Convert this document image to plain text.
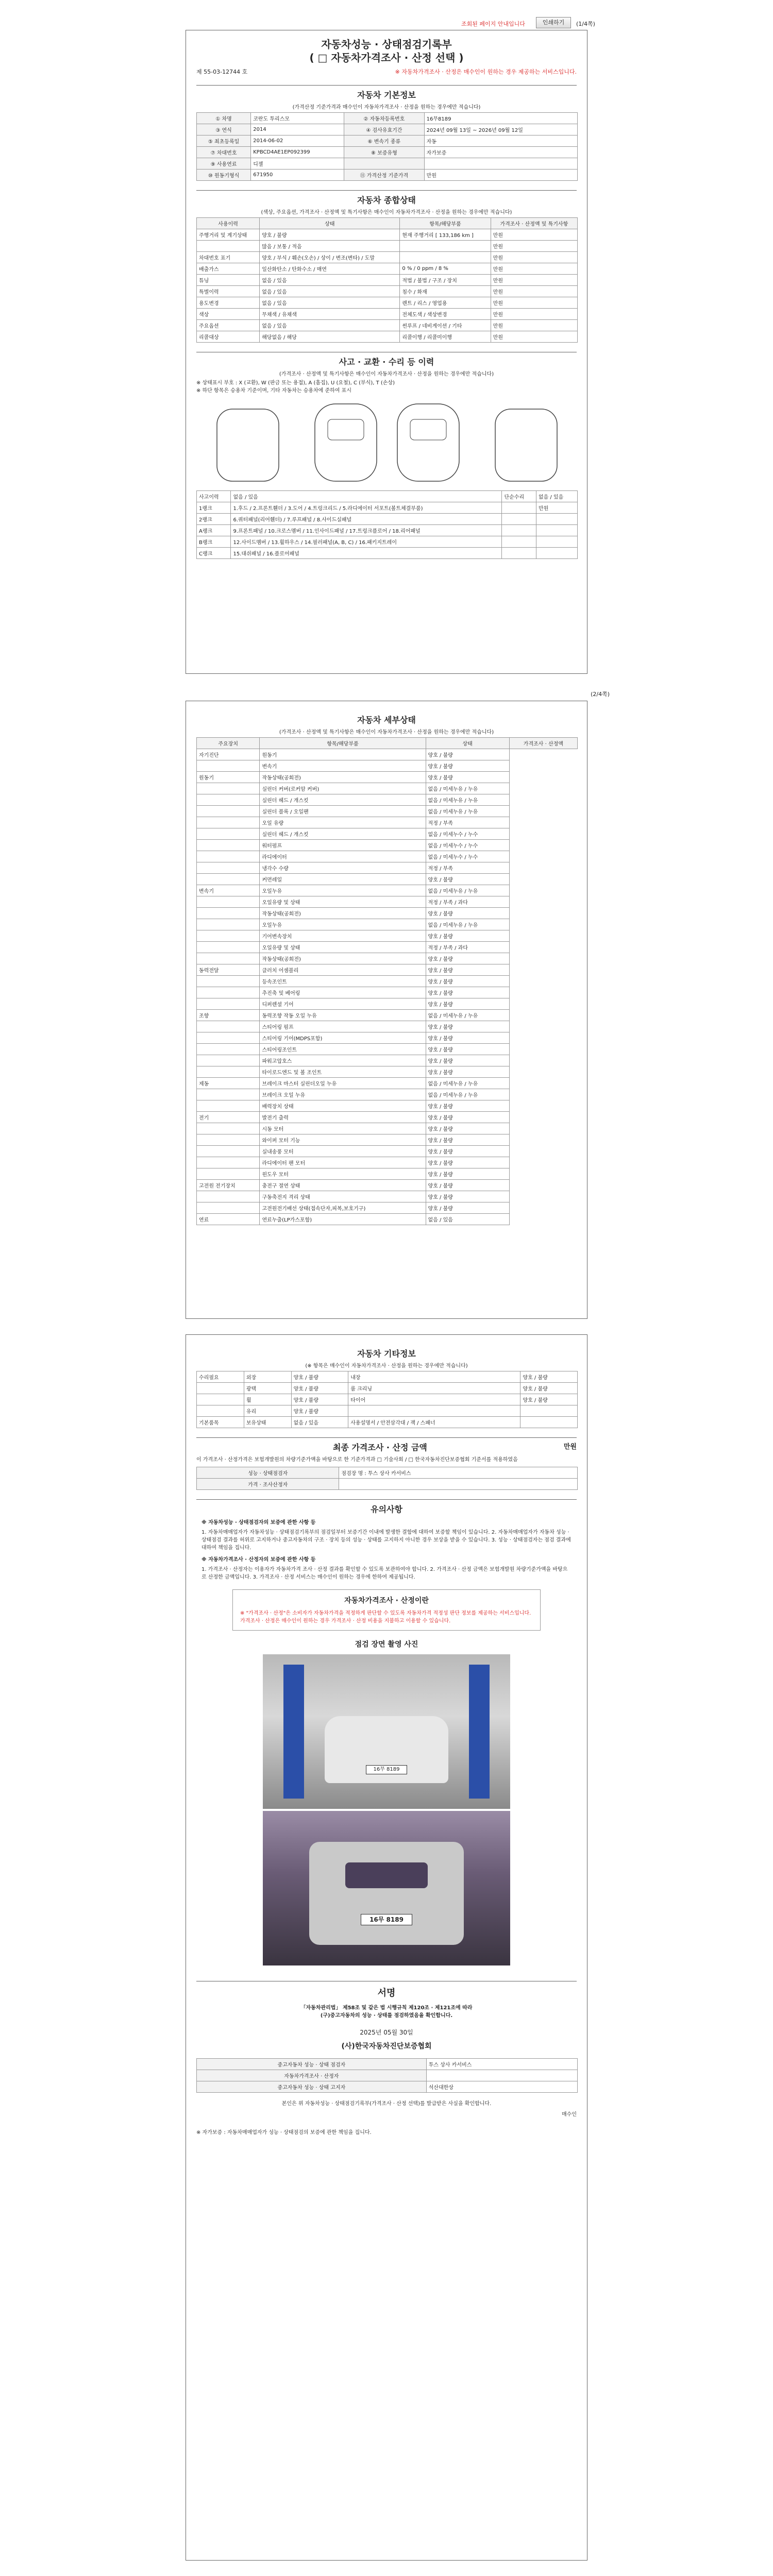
조회된 페이지 안내입니다	인쇄하기	(1/4쪽)
자동차성능 · 상태점검기록부
( □ 자동차가격조사 · 산정 선택 )
제 55-03-12744 호	※ 자동차가격조사 · 산정은 매수인이 원하는 경우 제공하는 서비스입니다.
자동차 기본정보
(가격산정 기준가격과 매수인이 자동차가격조사 · 산정을 원하는 경우에만 적습니다)
① 차명	코란도 투리스모	② 자동차등록번호	16무8189
③ 연식	2014	④ 검사유효기간	2024년 09월 13일 ~ 2026년 09월 12일
⑤ 최초등록일	2014-06-02	⑥ 변속기 종류	자동
⑦ 차대번호	KPBCD4AE1EP092399	⑧ 보증유형	자가보증
⑨ 사용연료	디젤		
⑩ 원동기형식	671950	⑪ 가격산정 기준가격	만원
자동차 종합상태
(색상, 주요옵션, 가격조사 · 산정액 및 특기사항은 매수인이 자동차가격조사 · 산정을 원하는 경우에만 적습니다)
사용이력	상태	항목/해당부품	가격조사 · 산정액 및 특기사항
주행거리 및 계기상태	양호 / 불량	현재 주행거리 [ 133,186 km ]	만원
	많음 / 보통 / 적음		만원
차대번호 표기	양호 / 부식 / 훼손(오손) / 상이 / 변조(변타) / 도말		만원
배출가스	일산화탄소 / 탄화수소 / 매연	0 % / 0 ppm / 8 %	만원
튜닝	없음 / 있음	적법 / 불법 / 구조 / 장치	만원
특별이력	없음 / 있음	침수 / 화재	만원
용도변경	없음 / 있음	렌트 / 리스 / 영업용	만원
색상	무채색 / 유채색	전체도색 / 색상변경	만원
주요옵션	없음 / 있음	썬루프 / 네비게이션 / 기타	만원
리콜대상	해당없음 / 해당	리콜이행 / 리콜미이행	만원
사고 · 교환 · 수리 등 이력
(가격조사 · 산정액 및 특기사항은 매수인이 자동차가격조사 · 산정을 원하는 경우에만 적습니다)
※ 상태표시 부호 : X (교환), W (판금 또는 용접), A (흠집), U (요철), C (부식), T (손상)
※ 하단 항목은 승용차 기준이며, 기타 자동차는 승용차에 준하여 표시
사고이력	없음 / 있음	단순수리	없음 / 있음
1랭크	1.후드 / 2.프론트휀더 / 3.도어 / 4.트렁크리드 / 5.라디에이터 서포트(볼트체결부품)		만원
2랭크	6.쿼터패널(리어휀더) / 7.루프패널 / 8.사이드실패널		
A랭크	9.프론트패널 / 10.크로스멤버 / 11.인사이드패널 / 17.트렁크플로어 / 18.리어패널		
B랭크	12.사이드멤버 / 13.휠하우스 / 14.필러패널(A, B, C) / 16.패키지트레이		
C랭크	15.대쉬패널 / 16.플로어패널		
(2/4쪽)
자동차 세부상태
(가격조사 · 산정액 및 특기사항은 매수인이 자동차가격조사 · 산정을 원하는 경우에만 적습니다)
주요장치	항목/해당부품	상태	가격조사 · 산정액
자기진단	원동기	양호 / 불량	
	변속기	양호 / 불량	
원동기	작동상태(공회전)	양호 / 불량	
	실린더 커버(로커암 커버)	없음 / 미세누유 / 누유	
	실린더 헤드 / 개스킷	없음 / 미세누유 / 누유	
	실린더 블록 / 오일팬	없음 / 미세누유 / 누유	
	오일 유량	적정 / 부족	
	실린더 헤드 / 개스킷	없음 / 미세누수 / 누수	
	워터펌프	없음 / 미세누수 / 누수	
	라디에이터	없음 / 미세누수 / 누수	
	냉각수 수량	적정 / 부족	
	커먼레일	양호 / 불량	
변속기	오일누유	없음 / 미세누유 / 누유	
	오일유량 및 상태	적정 / 부족 / 과다	
	작동상태(공회전)	양호 / 불량	
	오일누유	없음 / 미세누유 / 누유	
	기어변속장치	양호 / 불량	
	오일유량 및 상태	적정 / 부족 / 과다	
	작동상태(공회전)	양호 / 불량	
동력전달	클러치 어셈블리	양호 / 불량	
	등속조인트	양호 / 불량	
	추진축 및 베어링	양호 / 불량	
	디퍼렌셜 기어	양호 / 불량	
조향	동력조향 작동 오일 누유	없음 / 미세누유 / 누유	
	스티어링 펌프	양호 / 불량	
	스티어링 기어(MDPS포함)	양호 / 불량	
	스티어링조인트	양호 / 불량	
	파워고압호스	양호 / 불량	
	타이로드엔드 및 볼 조인트	양호 / 불량	
제동	브레이크 마스터 실린더오일 누유	없음 / 미세누유 / 누유	
	브레이크 오일 누유	없음 / 미세누유 / 누유	
	배력장치 상태	양호 / 불량	
전기	발전기 출력	양호 / 불량	
	시동 모터	양호 / 불량	
	와이퍼 모터 기능	양호 / 불량	
	실내송풍 모터	양호 / 불량	
	라디에이터 팬 모터	양호 / 불량	
	윈도우 모터	양호 / 불량	
고전원 전기장치	충전구 절연 상태	양호 / 불량	
	구동축전지 격리 상태	양호 / 불량	
	고전원전기배선 상태(접속단자,피복,보호기구)	양호 / 불량	
연료	연료누출(LP가스포함)	없음 / 있음	
자동차 기타정보
(※ 항목은 매수인이 자동차가격조사 · 산정을 원하는 경우에만 적습니다)
수리필요	외장	양호 / 불량	내장	양호 / 불량
	광택	양호 / 불량	룸 크리닝	양호 / 불량
	휠	양호 / 불량	타이어	양호 / 불량
	유리	양호 / 불량		
기본품목	보유상태	없음 / 있음	사용설명서 / 안전삼각대 / 잭 / 스패너	
최종 가격조사 · 산정 금액	만원
이 가격조사 · 산정가격은 보험개발원의 차량기준가액을 바탕으로 한 기준가격과 □ 기술사회 / □ 한국자동차진단보증협회 기준서를 적용하였음
성능 · 상태점검자	점검장 명 : 투스 상사 카서비스
가격 · 조사산정자	
유의사항
※ 자동차성능 · 상태점검자의 보증에 관한 사항 등
1. 자동차매매업자가 자동차성능 · 상태점검기록부의 점검일부터 보증기간 이내에 발생한 결함에 대하여 보증할 책임이 있습니다. 2. 자동차매매업자가 자동차 성능 · 상태점검 결과를 허위로 고지하거나 중고자동차의 구조 · 장치 등의 성능 · 상태를 고지하지 아니한 경우 보상을 받을 수 있습니다. 3. 성능 · 상태점검자는 점검 결과에 대하여 책임을 집니다.
※ 자동차가격조사 · 산정자의 보증에 관한 사항 등
1. 가격조사 · 산정자는 이용자가 자동차가격 조사 · 산정 결과를 확인할 수 있도록 보관하여야 합니다. 2. 가격조사 · 산정 금액은 보험개발원 차량기준가액을 바탕으로 산정한 금액입니다. 3. 가격조사 · 산정 서비스는 매수인이 원하는 경우에 한하여 제공됩니다.
자동차가격조사 · 산정이란
※ "가격조사 · 산정"은 소비자가 자동차가격을 적정하게 판단할 수 있도록 자동차가격 적정성 판단 정보를 제공하는 서비스입니다. 가격조사 · 산정은 매수인이 원하는 경우 가격조사 · 산정 비용을 지불하고 이용할 수 있습니다.
점검 장면 촬영 사진
16무 8189
16무 8189
서명
「자동차관리법」 제58조 및 같은 법 시행규칙 제120조 · 제121조에 따라
(구)중고자동차의 성능 · 상태를 점검하였음을 확인합니다.
2025년 05월 30일
(사)한국자동차진단보증협회
중고자동차 성능 · 상태 점검자	투스 상사 카서비스
자동차가격조사 · 산정자	
중고자동차 성능 · 상태 고지자	석산대한상
본인은 위 자동차성능 · 상태점검기록부(가격조사 · 산정 선택)를 발급받은 사실을 확인합니다.
매수인
※ 자가보증 : 자동차매매업자가 성능 · 상태점검의 보증에 관한 책임을 집니다.
